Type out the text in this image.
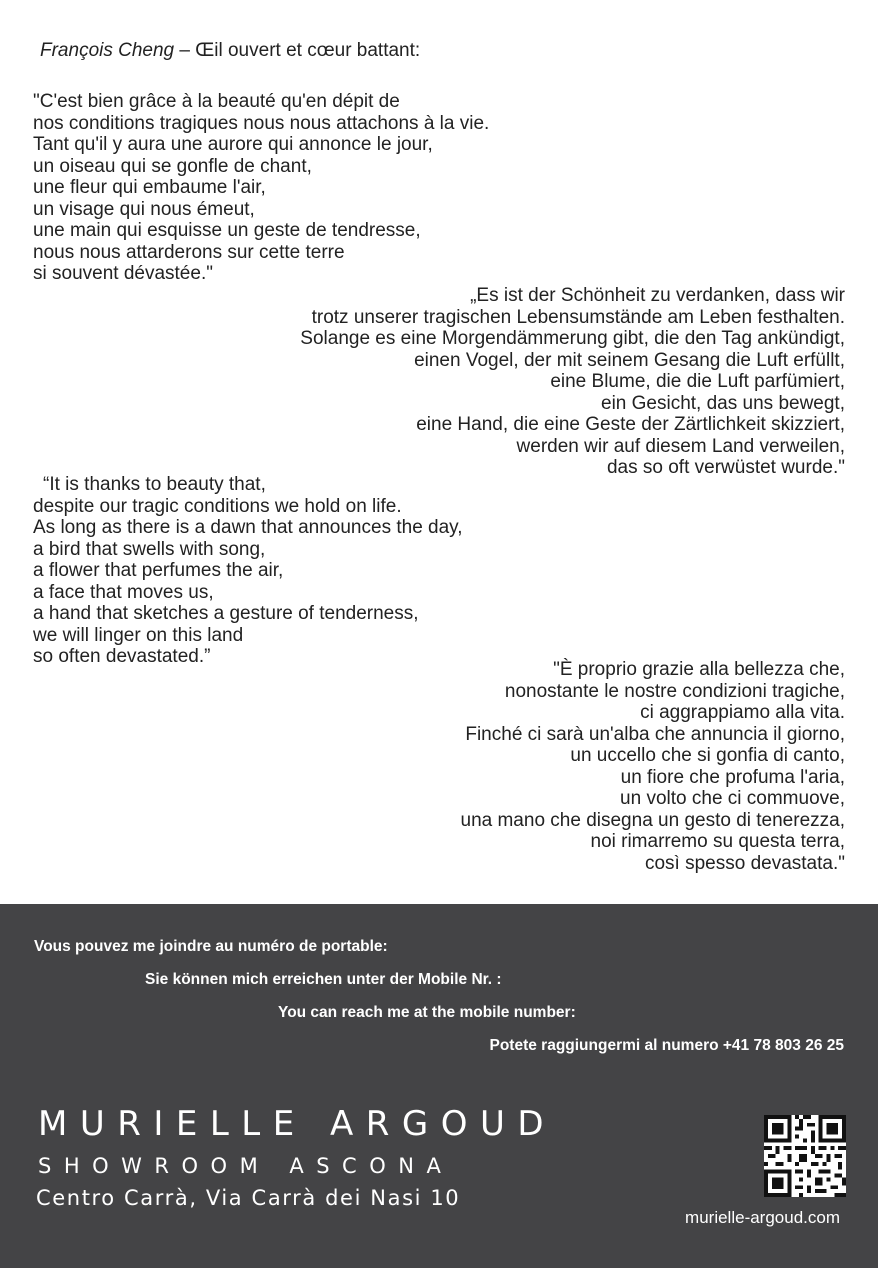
François Cheng – Œil ouvert et cœur battant:
"C'est bien grâce à la beauté qu'en dépit de
nos conditions tragiques nous nous attachons à la vie.
Tant qu'il y aura une aurore qui annonce le jour,
un oiseau qui se gonfle de chant,
une fleur qui embaume l'air,
un visage qui nous émeut,
une main qui esquisse un geste de tendresse,
nous nous attarderons sur cette terre
si souvent dévastée."
„Es ist der Schönheit zu verdanken, dass wir
trotz unserer tragischen Lebensumstände am Leben festhalten.
Solange es eine Morgendämmerung gibt, die den Tag ankündigt,
einen Vogel, der mit seinem Gesang die Luft erfüllt,
eine Blume, die die Luft parfümiert,
ein Gesicht, das uns bewegt,
eine Hand, die eine Geste der Zärtlichkeit skizziert,
werden wir auf diesem Land verweilen,
das so oft verwüstet wurde."
“It is thanks to beauty that,
despite our tragic conditions we hold on life.
As long as there is a dawn that announces the day,
a bird that swells with song,
a flower that perfumes the air,
a face that moves us,
a hand that sketches a gesture of tenderness,
we will linger on this land
so often devastated.”
"È proprio grazie alla bellezza che,
nonostante le nostre condizioni tragiche,
ci aggrappiamo alla vita.
Finché ci sarà un'alba che annuncia il giorno,
un uccello che si gonfia di canto,
un fiore che profuma l'aria,
un volto che ci commuove,
una mano che disegna un gesto di tenerezza,
noi rimarremo su questa terra,
così spesso devastata."
Vous pouvez me joindre au numéro de portable:
Sie können mich erreichen unter der Mobile Nr. :
You can reach me at the mobile number:
Potete raggiungermi al numero +41 78 803 26 25
MURIELLE ARGOUD
SHOWROOM ASCONA
Centro Carrà, Via Carrà dei Nasi 10
murielle-argoud.com
